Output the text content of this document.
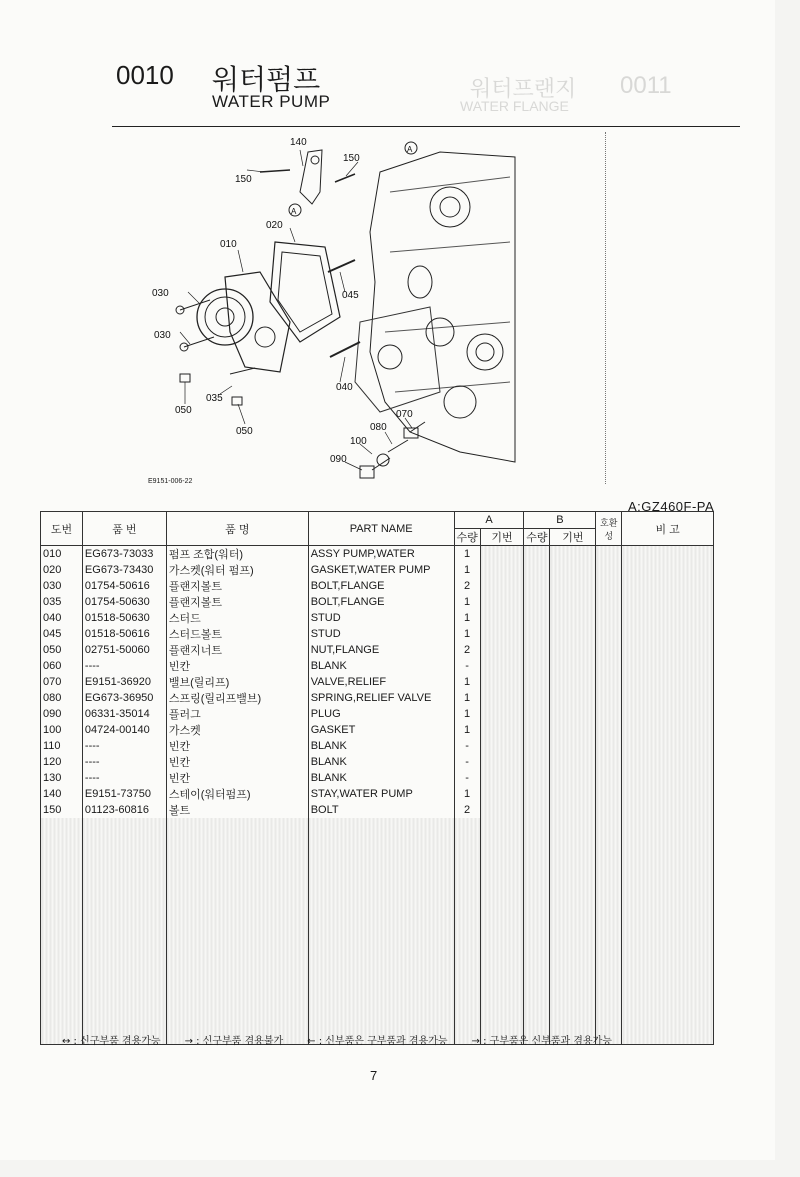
0011
워터프랜지
WATER FLANGE
0010 워터펌프
WATER PUMP
140
150
150
020
010
030
030
045
040
050
035
050
070
080
100
090
A
A
E9151-006-22
A:GZ460F-PA
도번	품 번	품 명	PART NAME	A		B		호환성	비 고
				수량	기번	수량	기번		
010	EG673-73033	펌프 조합(워터)	ASSY PUMP,WATER	1					
020	EG673-73430	가스켓(워터 펌프)	GASKET,WATER PUMP	1					
030	01754-50616	플랜지볼트	BOLT,FLANGE	2					
035	01754-50630	플랜지볼트	BOLT,FLANGE	1					
040	01518-50630	스터드	STUD	1					
045	01518-50616	스터드볼트	STUD	1					
050	02751-50060	플랜지너트	NUT,FLANGE	2					
060	----	빈칸	BLANK	-					
070	E9151-36920	밸브(릴리프)	VALVE,RELIEF	1					
080	EG673-36950	스프링(릴리프밸브)	SPRING,RELIEF VALVE	1					
090	06331-35014	플러그	PLUG	1					
100	04724-00140	가스켓	GASKET	1					
110	----	빈칸	BLANK	-					
120	----	빈칸	BLANK	-					
130	----	빈칸	BLANK	-					
140	E9151-73750	스테이(워터펌프)	STAY,WATER PUMP	1					
150	01123-60816	볼트	BOLT	2					

↔ : 신구부품 겸용가능 → : 신구부품 겸용불가 ← : 신부품은 구부품과 겸용가능 → : 구부품은 신부품과 겸용가능
7
